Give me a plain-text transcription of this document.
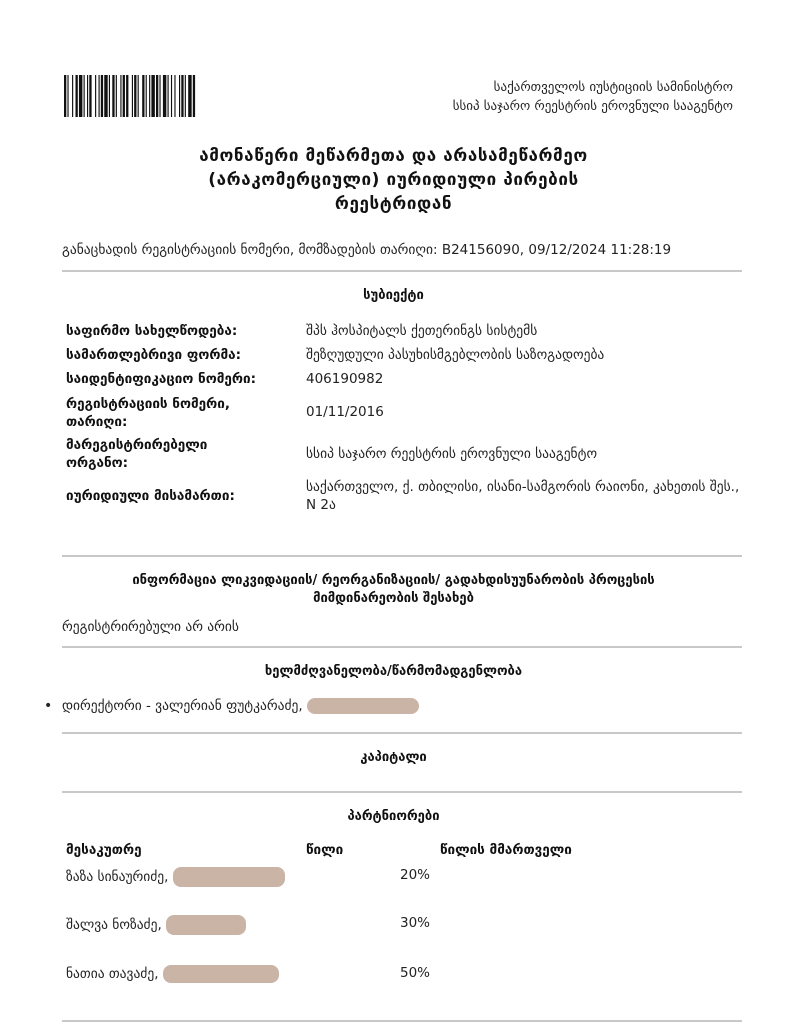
საქართველოს იუსტიციის სამინისტრო
სსიპ საჯარო რეესტრის ეროვნული სააგენტო
ამონაწერი მეწარმეთა და არასამეწარმეო
(არაკომერციული) იურიდიული პირების
რეესტრიდან
განაცხადის რეგისტრაციის ნომერი, მომზადების თარიღი: B24156090, 09/12/2024 11:28:19
სუბიექტი
საფირმო სახელწოდება:	შპს ჰოსპიტალს ქეთერინგს სისტემს
სამართლებრივი ფორმა:	შეზღუდული პასუხისმგებლობის საზოგადოება
საიდენტიფიკაციო ნომერი:	406190982
რეგისტრაციის ნომერი, თარიღი:
01/11/2016
მარეგისტრირებელი ორგანო:
სსიპ საჯარო რეესტრის ეროვნული სააგენტო
იურიდიული მისამართი:
საქართველო, ქ. თბილისი, ისანი-სამგორის რაიონი, კახეთის შეს., N 2ა
ინფორმაცია ლიკვიდაციის/ რეორგანიზაციის/ გადახდისუუნარობის პროცესის მიმდინარეობის შესახებ
რეგისტრირებული არ არის
ხელმძღვანელობა/წარმომადგენლობა
• დირექტორი - ვალერიან ფუტკარაძე,
კაპიტალი
პარტნიორები
მესაკუთრე	წილი	წილის მმართველი
ზაზა სინაურიძე,	20%
შალვა ნოზაძე,	30%
ნათია თავაძე,	50%
